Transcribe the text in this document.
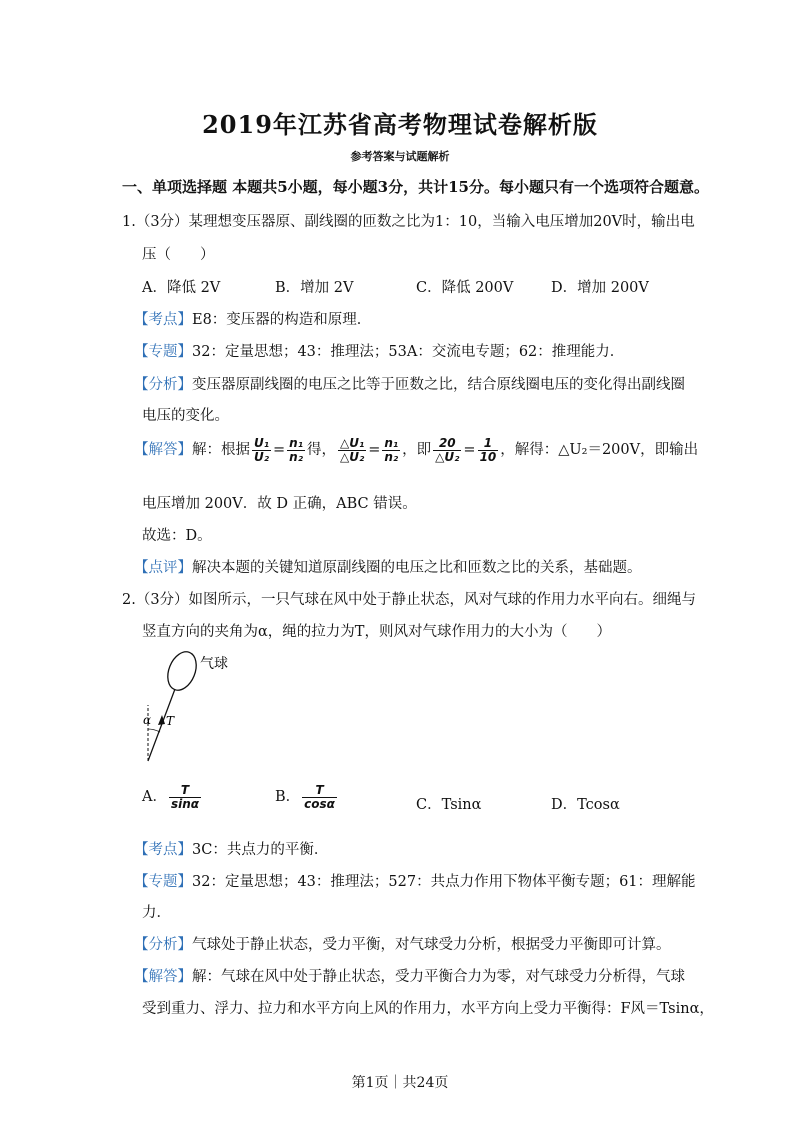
2019年江苏省高考物理试卷解析版
参考答案与试题解析
一、单项选择题 本题共5小题，每小题3分，共计15分。每小题只有一个选项符合题意。
1.（3分）某理想变压器原、副线圈的匝数之比为1：10，当输入电压增加20V时，输出电
压（　　）
A．降低 2V	B．增加 2V	C．降低 200V	D．增加 200V
【考点】E8：变压器的构造和原理．
【专题】32：定量思想；43：推理法；53A：交流电专题；62：推理能力．
【分析】变压器原副线圈的电压之比等于匝数之比，结合原线圈电压的变化得出副线圈
电压的变化。
【解答】解：根据 $\frac{\text{U₁}}{\text{U₂}} = \frac{\text{n₁}}{\text{n₂}}$ 得， $\frac{\text{△U₁}}{\text{△U₂}} = \frac{\text{n₁}}{\text{n₂}}$ ，即 $\frac{20}{\text{△U₂}} = \frac{1}{10}$ ，解得：△U₂＝200V，即输出
电压增加 200V．故 D 正确，ABC 错误。
故选：D。
【点评】解决本题的关键知道原副线圈的电压之比和匝数之比的关系，基础题。
2.（3分）如图所示，一只气球在风中处于静止状态，风对气球的作用力水平向右。细绳与
竖直方向的夹角为α，绳的拉力为T，则风对气球作用力的大小为（　　）
气球
α T
A． $\frac{T}{\sin\alpha}$	B． $\frac{T}{\cos\alpha}$	C．Tsinα	D．Tcosα
【考点】3C：共点力的平衡．
【专题】32：定量思想；43：推理法；527：共点力作用下物体平衡专题；61：理解能
力．
【分析】气球处于静止状态，受力平衡，对气球受力分析，根据受力平衡即可计算。
【解答】解：气球在风中处于静止状态，受力平衡合力为零，对气球受力分析得，气球
受到重力、浮力、拉力和水平方向上风的作用力，水平方向上受力平衡得：F风＝Tsinα，
第1页｜共24页
